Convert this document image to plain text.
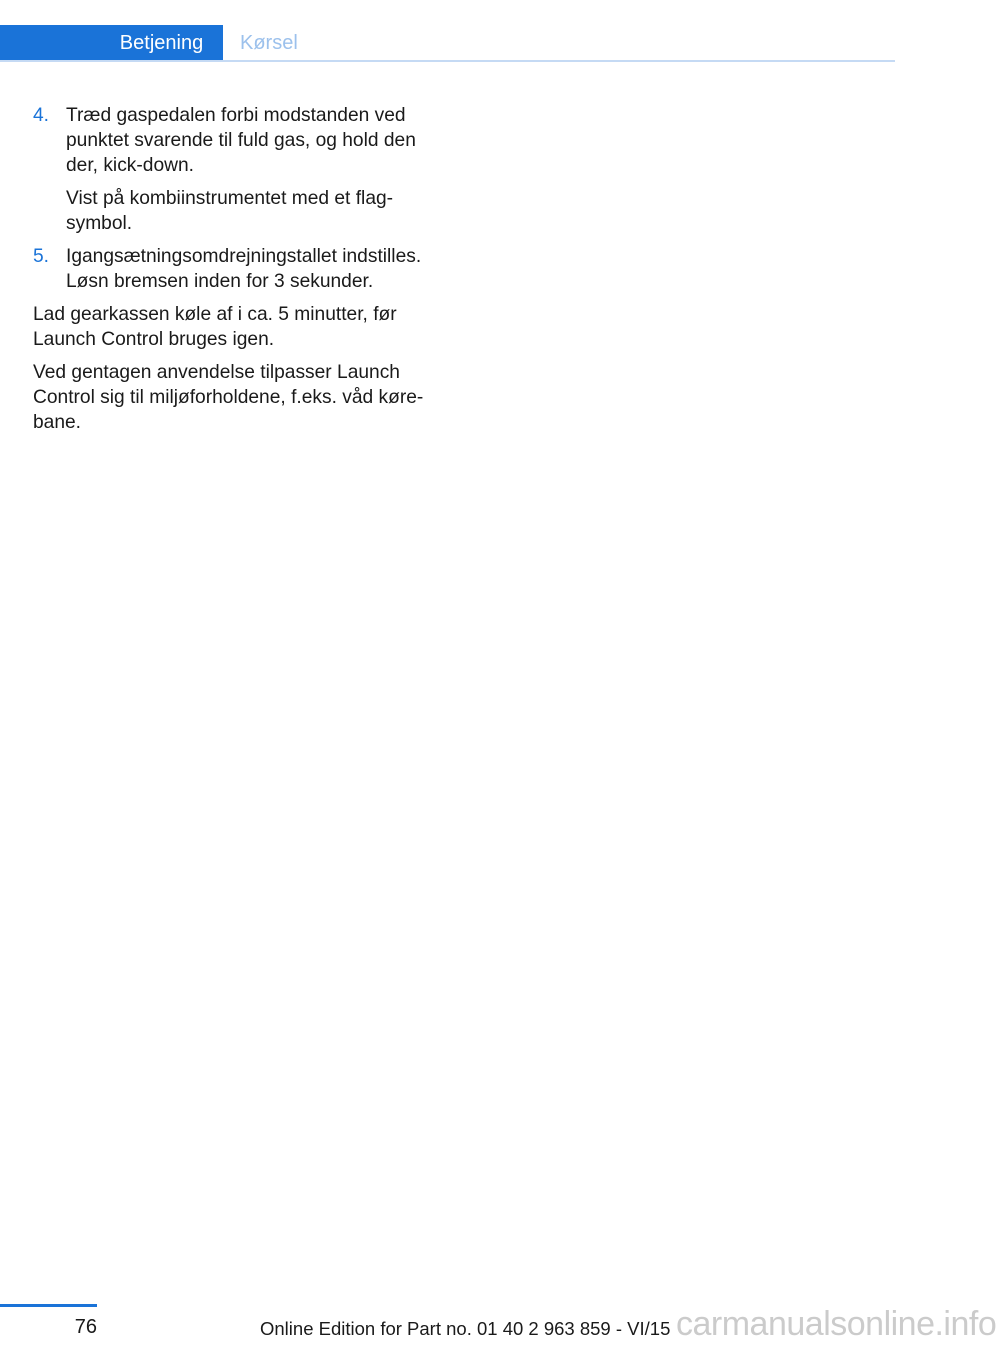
Betjening	Kørsel
4. Træd gaspedalen forbi modstanden ved punktet svarende til fuld gas, og hold den der, kick-down.

Vist på kombiinstrumentet med et flag-symbol.

5. Igangsætningsomdrejningstallet indstilles. Løsn bremsen inden for 3 sekunder.

Lad gearkassen køle af i ca. 5 minutter, før Launch Control bruges igen.

Ved gentagen anvendelse tilpasser Launch Control sig til miljøforholdene, f.eks. våd køre-bane.

76	Online Edition for Part no. 01 40 2 963 859 - VI/15 carmanualsonline.info
